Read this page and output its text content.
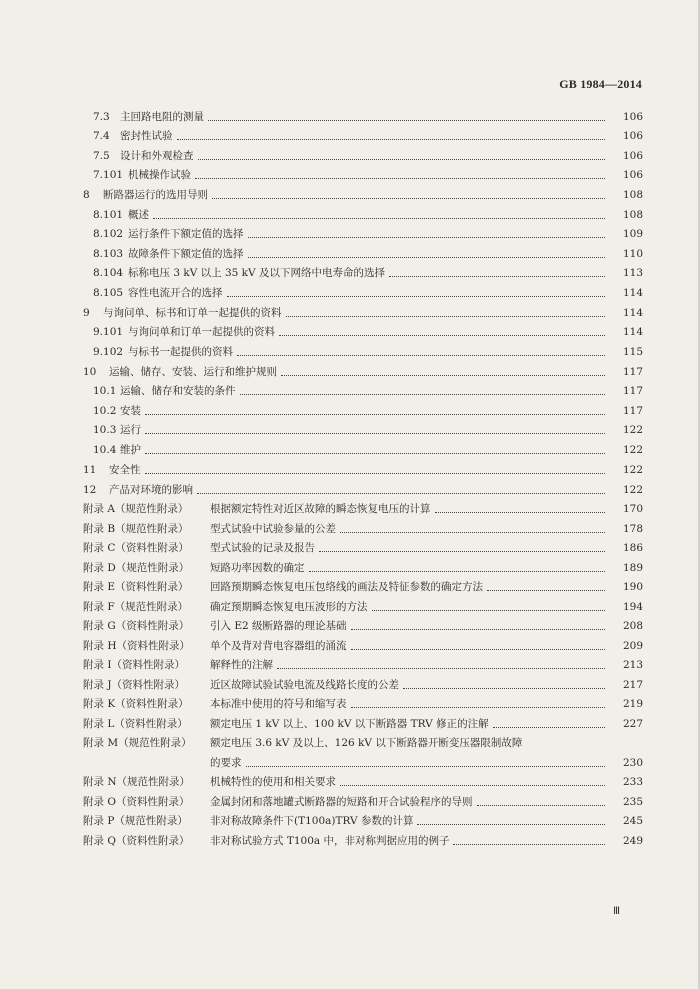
GB 1984—2014
7.3 主回路电阻的测量	106
7.4 密封性试验	106
7.5 设计和外观检查	106
7.101 机械操作试验	106
8	断路器运行的选用导则	108
8.101 概述	108
8.102 运行条件下额定值的选择	109
8.103 故障条件下额定值的选择	110
8.104 标称电压 3 kV 以上 35 kV 及以下网络中电寿命的选择	113
8.105 容性电流开合的选择	114
9	与询问单、标书和订单一起提供的资料	114
9.101 与询问单和订单一起提供的资料	114
9.102 与标书一起提供的资料	115
10	运输、储存、安装、运行和维护规则	117
10.1 运输、储存和安装的条件	117
10.2 安装	117
10.3 运行	122
10.4 维护	122
11	安全性	122
12	产品对环境的影响	122
附录 A（规范性附录）	根据额定特性对近区故障的瞬态恢复电压的计算	170
附录 B（规范性附录）	型式试验中试验参量的公差	178
附录 C（资料性附录）	型式试验的记录及报告	186
附录 D（规范性附录）	短路功率因数的确定	189
附录 E（资料性附录）	回路预期瞬态恢复电压包络线的画法及特征参数的确定方法	190
附录 F（规范性附录）	确定预期瞬态恢复电压波形的方法	194
附录 G（资料性附录）	引入 E2 级断路器的理论基础	208
附录 H（资料性附录）	单个及背对背电容器组的涌流	209
附录 I（资料性附录）	解释性的注解	213
附录 J（资料性附录）	近区故障试验试验电流及线路长度的公差	217
附录 K（资料性附录）	本标准中使用的符号和缩写表	219
附录 L（资料性附录）	额定电压 1 kV 以上、100 kV 以下断路器 TRV 修正的注解	227
附录 M（规范性附录）	额定电压 3.6 kV 及以上、126 kV 以下断路器开断变压器限制故障
的要求	230
附录 N（规范性附录）	机械特性的使用和相关要求	233
附录 O（资料性附录）	金属封闭和落地罐式断路器的短路和开合试验程序的导则	235
附录 P（规范性附录）	非对称故障条件下(T100a)TRV 参数的计算	245
附录 Q（资料性附录）	非对称试验方式 T100a 中，非对称判据应用的例子	249
Ⅲ
